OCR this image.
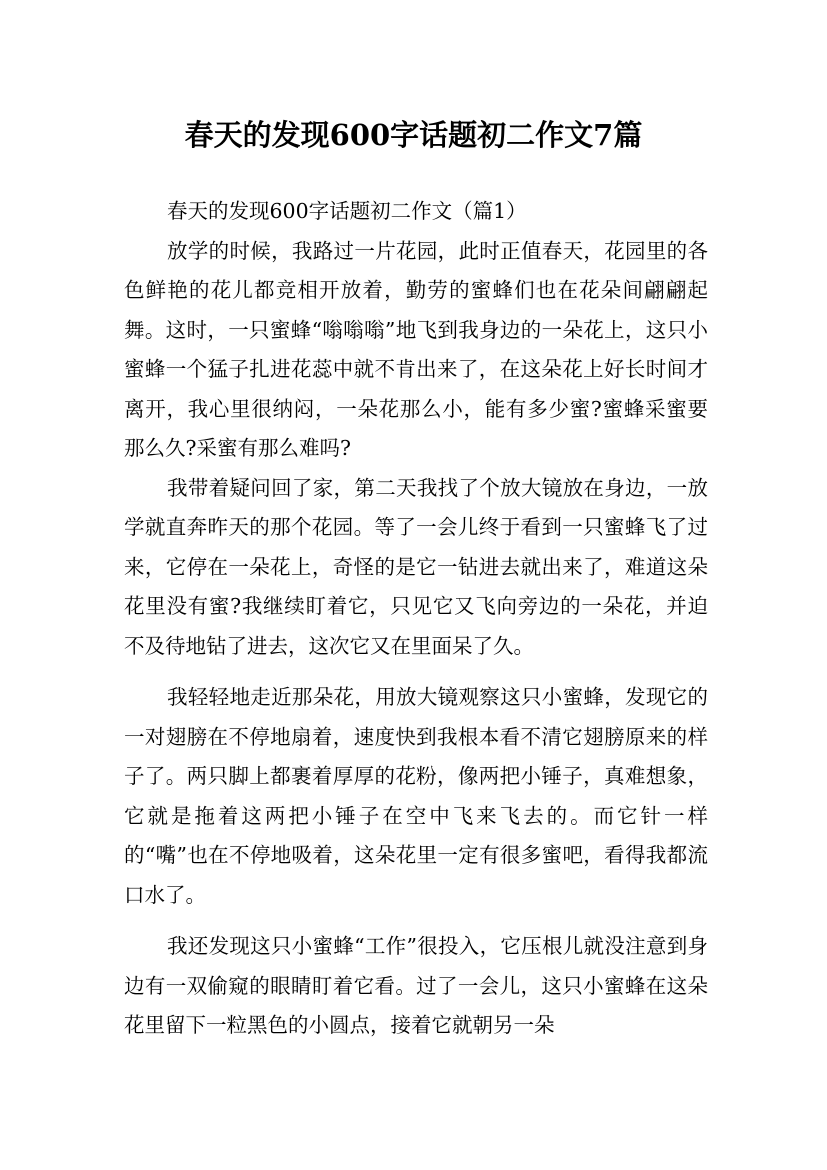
春天的发现600字话题初二作文7篇

春天的发现600字话题初二作文（篇1）

放学的时候，我路过一片花园，此时正值春天，花园里的各色鲜艳的花儿都竞相开放着，勤劳的蜜蜂们也在花朵间翩翩起舞。这时，一只蜜蜂“嗡嗡嗡”地飞到我身边的一朵花上，这只小蜜蜂一个猛子扎进花蕊中就不肯出来了，在这朵花上好长时间才离开，我心里很纳闷，一朵花那么小，能有多少蜜?蜜蜂采蜜要那么久?采蜜有那么难吗?

我带着疑问回了家，第二天我找了个放大镜放在身边，一放学就直奔昨天的那个花园。等了一会儿终于看到一只蜜蜂飞了过来，它停在一朵花上，奇怪的是它一钻进去就出来了，难道这朵花里没有蜜?我继续盯着它，只见它又飞向旁边的一朵花，并迫不及待地钻了进去，这次它又在里面呆了久。

我轻轻地走近那朵花，用放大镜观察这只小蜜蜂，发现它的一对翅膀在不停地扇着，速度快到我根本看不清它翅膀原来的样子了。两只脚上都裹着厚厚的花粉，像两把小锤子，真难想象，它就是拖着这两把小锤子在空中飞来飞去的。而它针一样的“嘴”也在不停地吸着，这朵花里一定有很多蜜吧，看得我都流口水了。

我还发现这只小蜜蜂“工作”很投入，它压根儿就没注意到身边有一双偷窥的眼睛盯着它看。过了一会儿，这只小蜜蜂在这朵花里留下一粒黑色的小圆点，接着它就朝另一朵
